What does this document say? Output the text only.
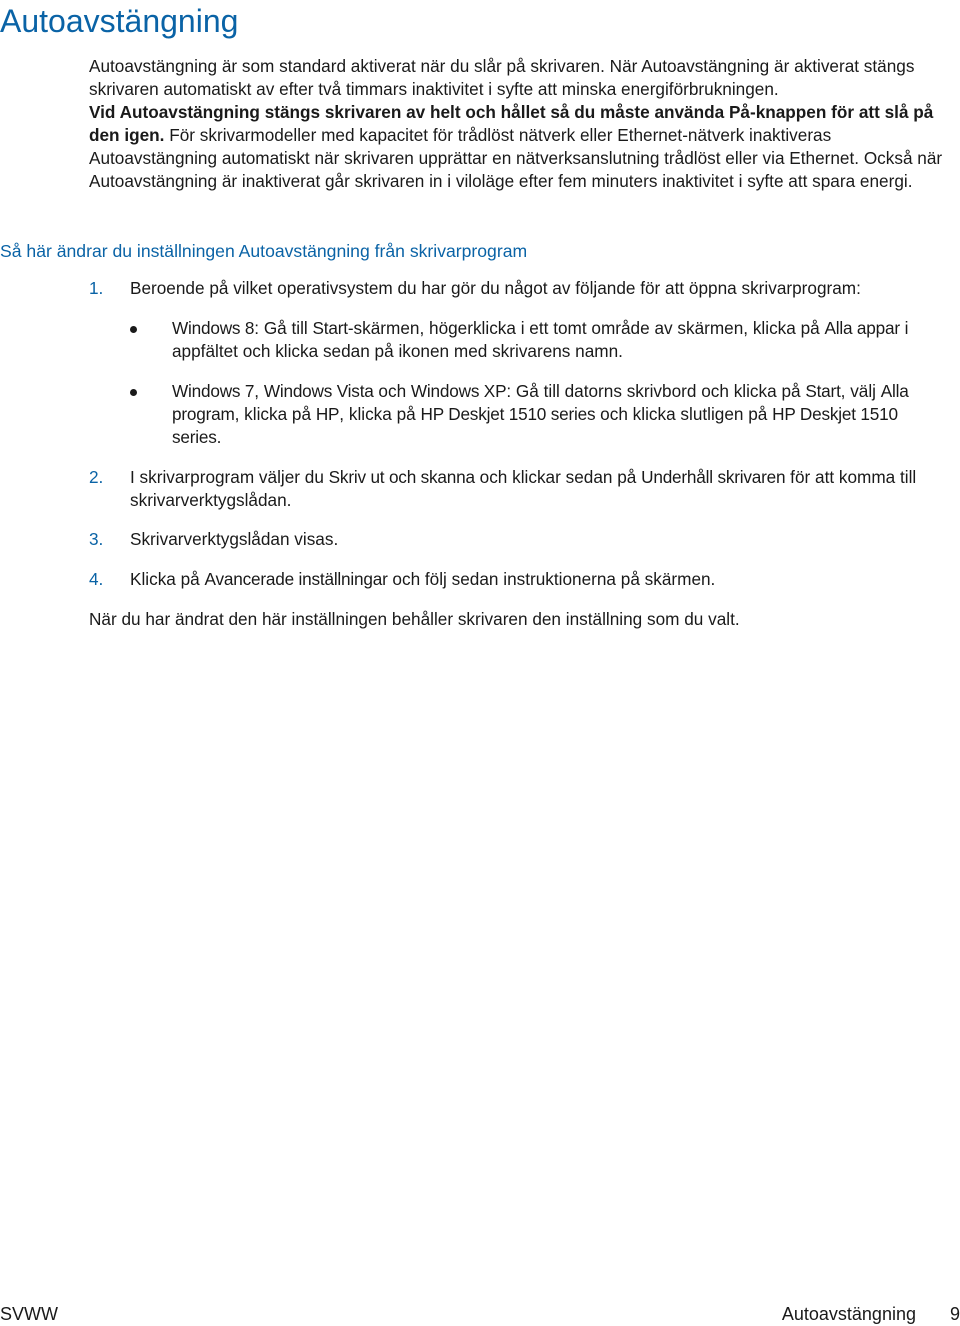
Autoavstängning

Autoavstängning är som standard aktiverat när du slår på skrivaren. När Autoavstängning är aktiverat stängs skrivaren automatiskt av efter två timmars inaktivitet i syfte att minska energiförbrukningen.
Vid Autoavstängning stängs skrivaren av helt och hållet så du måste använda På-knappen för att slå på den igen. För skrivarmodeller med kapacitet för trådlöst nätverk eller Ethernet-nätverk inaktiveras Autoavstängning automatiskt när skrivaren upprättar en nätverksanslutning trådlöst eller via Ethernet. Också när Autoavstängning är inaktiverat går skrivaren in i viloläge efter fem minuters inaktivitet i syfte att spara energi.

Så här ändrar du inställningen Autoavstängning från skrivarprogram
1.	Beroende på vilket operativsystem du har gör du något av följande för att öppna skrivarprogram:
Windows 8: Gå till Start-skärmen, högerklicka i ett tomt område av skärmen, klicka på Alla appar i appfältet och klicka sedan på ikonen med skrivarens namn.
Windows 7, Windows Vista och Windows XP: Gå till datorns skrivbord och klicka på Start, välj Alla program, klicka på HP, klicka på HP Deskjet 1510 series och klicka slutligen på HP Deskjet 1510 series.
2.	I skrivarprogram väljer du Skriv ut och skanna och klickar sedan på Underhåll skrivaren för att komma till skrivarverktygslådan.
3.	Skrivarverktygslådan visas.
4.	Klicka på Avancerade inställningar och följ sedan instruktionerna på skärmen.

När du har ändrat den här inställningen behåller skrivaren den inställning som du valt.

SVWW	Autoavstängning 9
